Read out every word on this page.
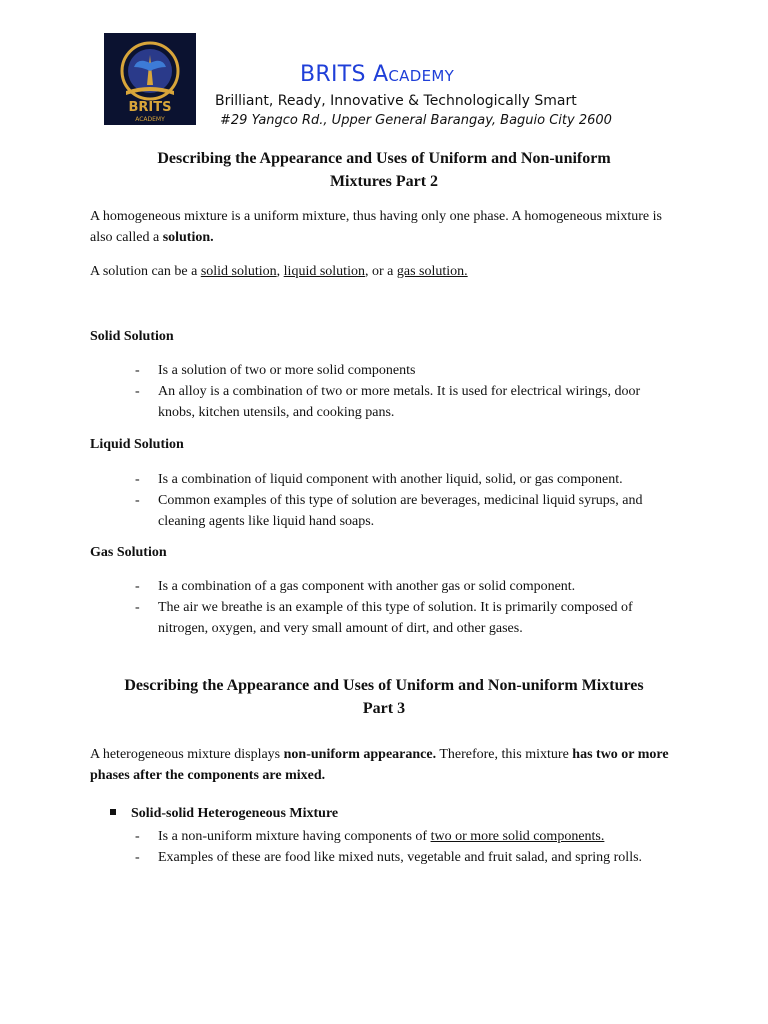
BRITS
ACADEMY
BRITS Academy
Brilliant, Ready, Innovative & Technologically Smart
#29 Yangco Rd., Upper General Barangay, Baguio City 2600
Describing the Appearance and Uses of Uniform and Non-uniform
Mixtures Part 2
A homogeneous mixture is a uniform mixture, thus having only one phase. A homogeneous mixture is also called a solution.
A solution can be a solid solution, liquid solution, or a gas solution.
Solid Solution
- Is a solution of two or more solid components
- An alloy is a combination of two or more metals. It is used for electrical wirings, door knobs, kitchen utensils, and cooking pans.
Liquid Solution
- Is a combination of liquid component with another liquid, solid, or gas component.
- Common examples of this type of solution are beverages, medicinal liquid syrups, and cleaning agents like liquid hand soaps.
Gas Solution
- Is a combination of a gas component with another gas or solid component.
- The air we breathe is an example of this type of solution. It is primarily composed of nitrogen, oxygen, and very small amount of dirt, and other gases.
Describing the Appearance and Uses of Uniform and Non-uniform Mixtures
Part 3
A heterogeneous mixture displays non-uniform appearance. Therefore, this mixture has two or more phases after the components are mixed.
Solid-solid Heterogeneous Mixture
- Is a non-uniform mixture having components of two or more solid components.
- Examples of these are food like mixed nuts, vegetable and fruit salad, and spring rolls.
